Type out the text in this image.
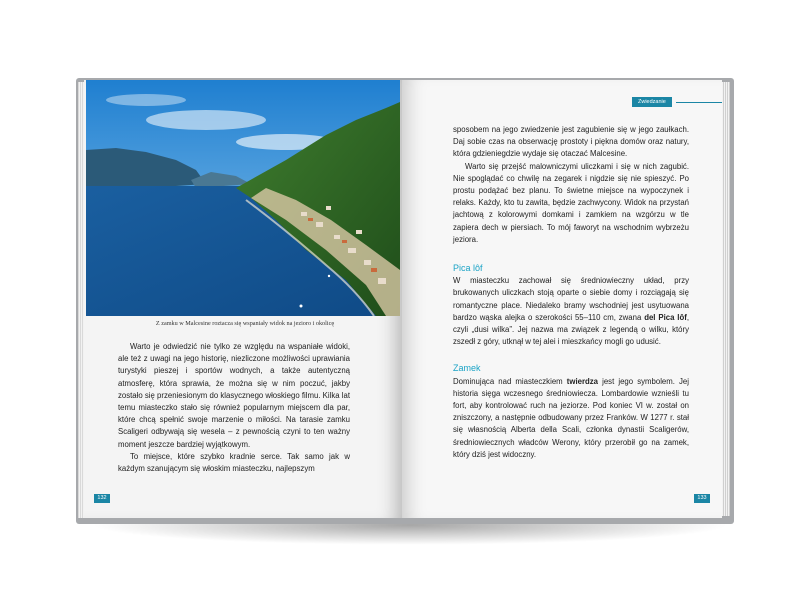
Z zamku w Malcesine roztacza się wspaniały widok na jezioro i okolicę

Warto je odwiedzić nie tylko ze względu na wspaniałe widoki, ale też z uwagi na jego historię, niezliczone możliwości uprawiania turystyki pieszej i sportów wodnych, a także autentyczną atmosferę, która sprawia, że można się w nim poczuć, jakby zostało się przeniesionym do klasycznego włoskiego filmu. Kilka lat temu miasteczko stało się również popularnym miejscem dla par, które chcą spełnić swoje marzenie o miłości. Na tarasie zamku Scaligeri odbywają się wesela – z pewnością czyni to ten ważny moment jeszcze bardziej wyjątkowym.

To miejsce, które szybko kradnie serce. Tak samo jak w każdym szanującym się włoskim miasteczku, najlepszym

132
Zwiedzanie

sposobem na jego zwiedzenie jest zagubienie się w jego zaułkach. Daj sobie czas na obserwację prostoty i piękna domów oraz natury, która gdzieniegdzie wydaje się otaczać Malcesine.

Warto się przejść malowniczymi uliczkami i się w nich zagubić. Nie spoglądać co chwilę na zegarek i nigdzie się nie spieszyć. Po prostu podążać bez planu. To świetne miejsce na wypoczynek i relaks. Każdy, kto tu zawita, będzie zachwycony. Widok na przystań jachtową z kolorowymi domkami i zamkiem na wzgórzu w tle zapiera dech w piersiach. To mój faworyt na wschodnim wybrzeżu jeziora.

Pica lôf

W miasteczku zachował się średniowieczny układ, przy brukowanych uliczkach stoją oparte o siebie domy i rozciągają się romantyczne place. Niedaleko bramy wschodniej jest usytuowana bardzo wąska alejka o szerokości 55–110 cm, zwana del Pica lôf, czyli „dusi wilka”. Jej nazwa ma związek z legendą o wilku, który zszedł z góry, utknął w tej alei i mieszkańcy mogli go udusić.

Zamek

Dominująca nad miasteczkiem twierdza jest jego symbolem. Jej historia sięga wczesnego średniowiecza. Lombardowie wznieśli tu fort, aby kontrolować ruch na jeziorze. Pod koniec VI w. został on zniszczony, a następnie odbudowany przez Franków. W 1277 r. stał się własnością Alberta della Scali, członka dynastii Scaligerów, średniowiecznych władców Werony, który przerobił go na zamek, który dziś jest widoczny.

133
